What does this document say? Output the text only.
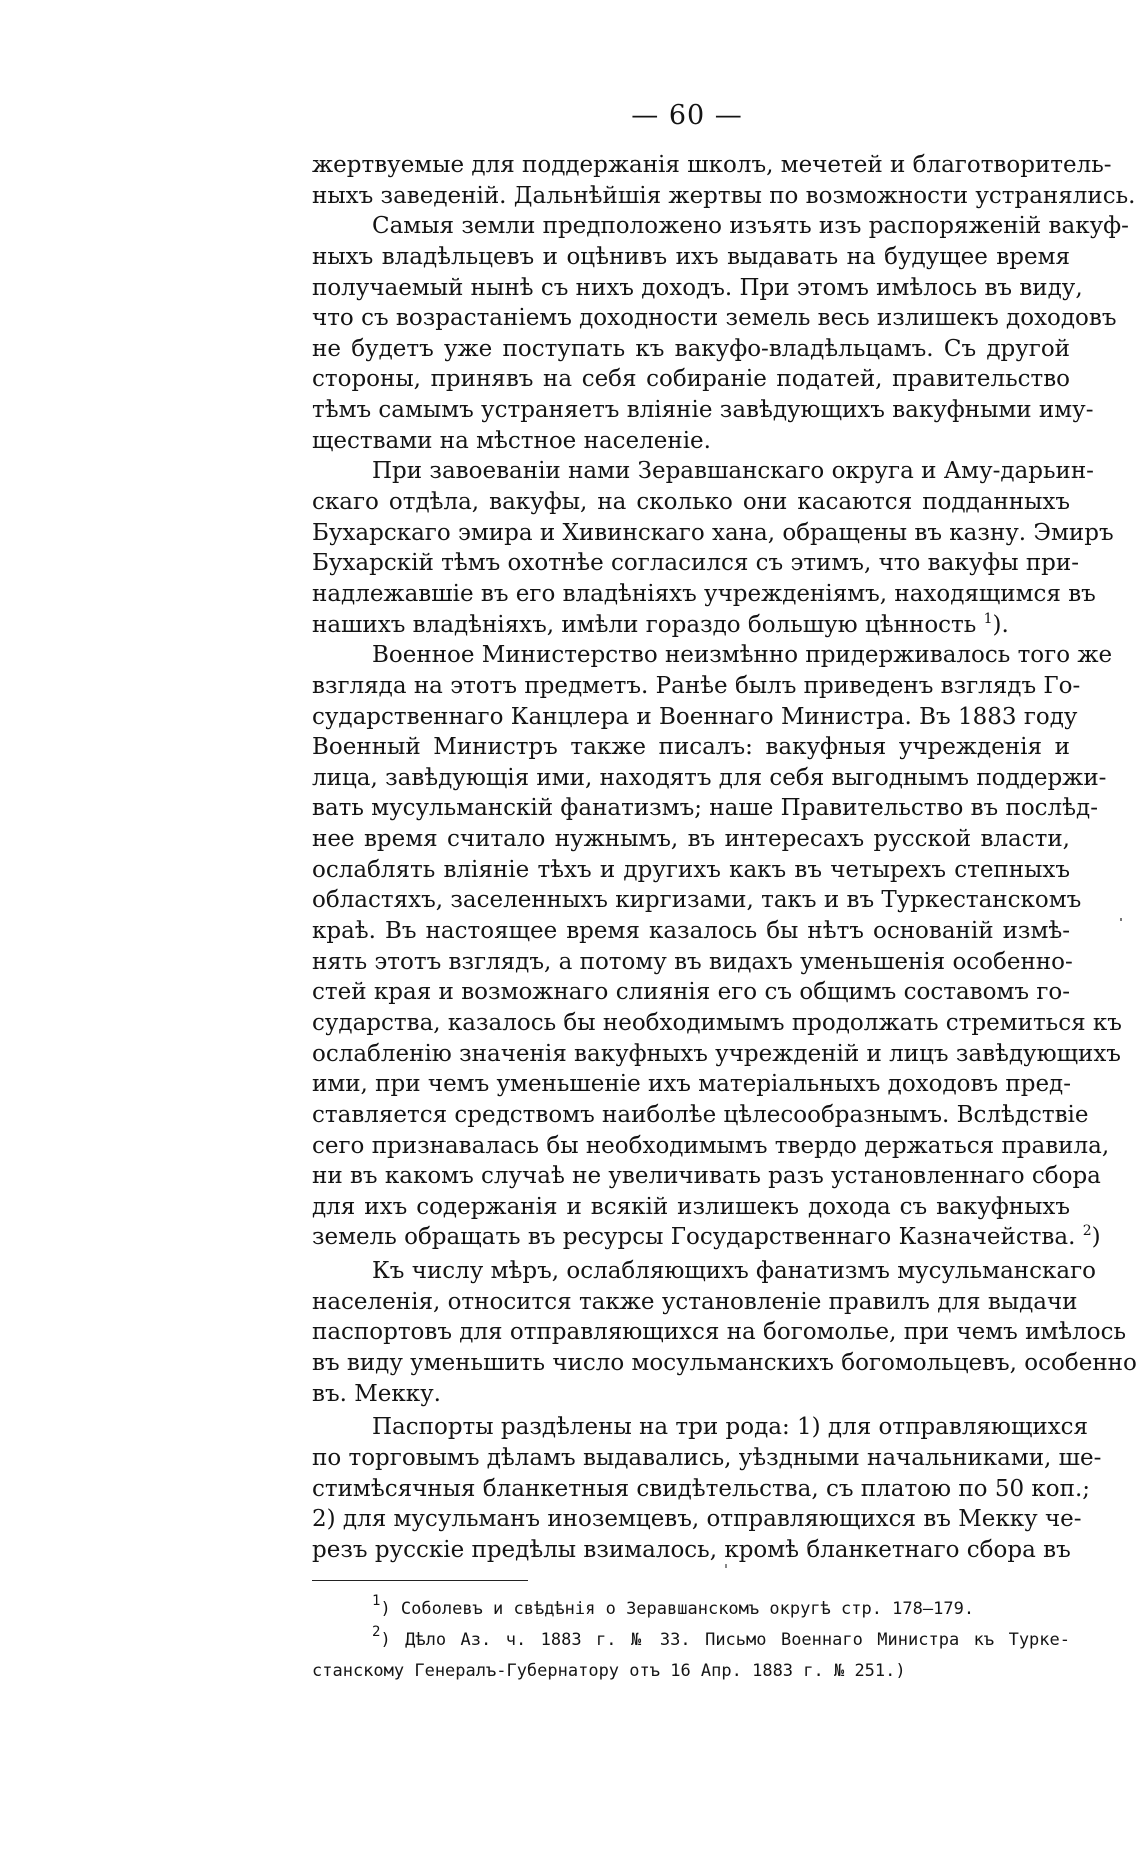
— 60 —
жертвуемые для поддержанія школъ, мечетей и благотворитель-
ныхъ заведеній. Дальнѣйшія жертвы по возможности устранялись.
Самыя земли предположено изъять изъ распоряженій вакуф-
ныхъ владѣльцевъ и оцѣнивъ ихъ выдавать на будущее время
получаемый нынѣ съ нихъ доходъ. При этомъ имѣлось въ виду,
что съ возрастаніемъ доходности земель весь излишекъ доходовъ
не будетъ уже поступать къ вакуфо-владѣльцамъ. Съ другой
стороны, принявъ на себя собираніе податей, правительство
тѣмъ самымъ устраняетъ вліяніе завѣдующихъ вакуфными иму-
ществами на мѣстное населеніе.
При завоеваніи нами Зеравшанскаго округа и Аму-дарьин-
скаго отдѣла, вакуфы, на сколько они касаются подданныхъ
Бухарскаго эмира и Хивинскаго хана, обращены въ казну. Эмиръ
Бухарскій тѣмъ охотнѣе согласился съ этимъ, что вакуфы при-
надлежавшіе въ его владѣніяхъ учрежденіямъ, находящимся въ
нашихъ владѣніяхъ, имѣли гораздо большую цѣнность $^1$).
Военное Министерство неизмѣнно придерживалось того же
взгляда на этотъ предметъ. Ранѣе былъ приведенъ взглядъ Го-
сударственнаго Канцлера и Военнаго Министра. Въ 1883 году
Военный Министръ также писалъ: вакуфныя учрежденія и
лица, завѣдующія ими, находятъ для себя выгоднымъ поддержи-
вать мусульманскій фанатизмъ; наше Правительство въ послѣд-
нее время считало нужнымъ, въ интересахъ русской власти,
ослаблять вліяніе тѣхъ и другихъ какъ въ четырехъ степныхъ
областяхъ, заселенныхъ киргизами, такъ и въ Туркестанскомъ
краѣ. Въ настоящее время казалось бы нѣтъ основаній измѣ-
нять этотъ взглядъ, а потому въ видахъ уменьшенія особенно-
стей края и возможнаго слиянія его съ общимъ составомъ го-
сударства, казалось бы необходимымъ продолжать стремиться къ
ослабленію значенія вакуфныхъ учрежденій и лицъ завѣдующихъ
ими, при чемъ уменьшеніе ихъ матеріальныхъ доходовъ пред-
ставляется средствомъ наиболѣе цѣлесообразнымъ. Вслѣдствіе
сего признавалась бы необходимымъ твердо держаться правила,
ни въ какомъ случаѣ не увеличивать разъ установленнаго сбора
для ихъ содержанія и всякій излишекъ дохода съ вакуфныхъ
земель обращать въ ресурсы Государственнаго Казначейства. $^2$)
Къ числу мѣръ, ослабляющихъ фанатизмъ мусульманскаго
населенія, относится также установленіе правилъ для выдачи
паспортовъ для отправляющихся на богомолье, при чемъ имѣлось
въ виду уменьшить число мосульманскихъ богомольцевъ, особенно
въ. Мекку.
Паспорты раздѣлены на три рода: 1) для отправляющихся
по торговымъ дѣламъ выдавались, уѣздными начальниками, ше-
стимѣсячныя бланкетныя свидѣтельства, съ платою по 50 коп.;
2) для мусульманъ иноземцевъ, отправляющихся въ Мекку че-
резъ русскіе предѣлы взималось, кромѣ бланкетнаго сбора въ
$^1$) Соболевъ и свѣдѣнія о Зеравшанскомъ округѣ стр. 178—179.
$^2$) Дѣло Аз. ч. 1883 г. № 33. Письмо Военнаго Министра къ Турке-
станскому Генералъ-Губернатору отъ 16 Апр. 1883 г. № 251.)
